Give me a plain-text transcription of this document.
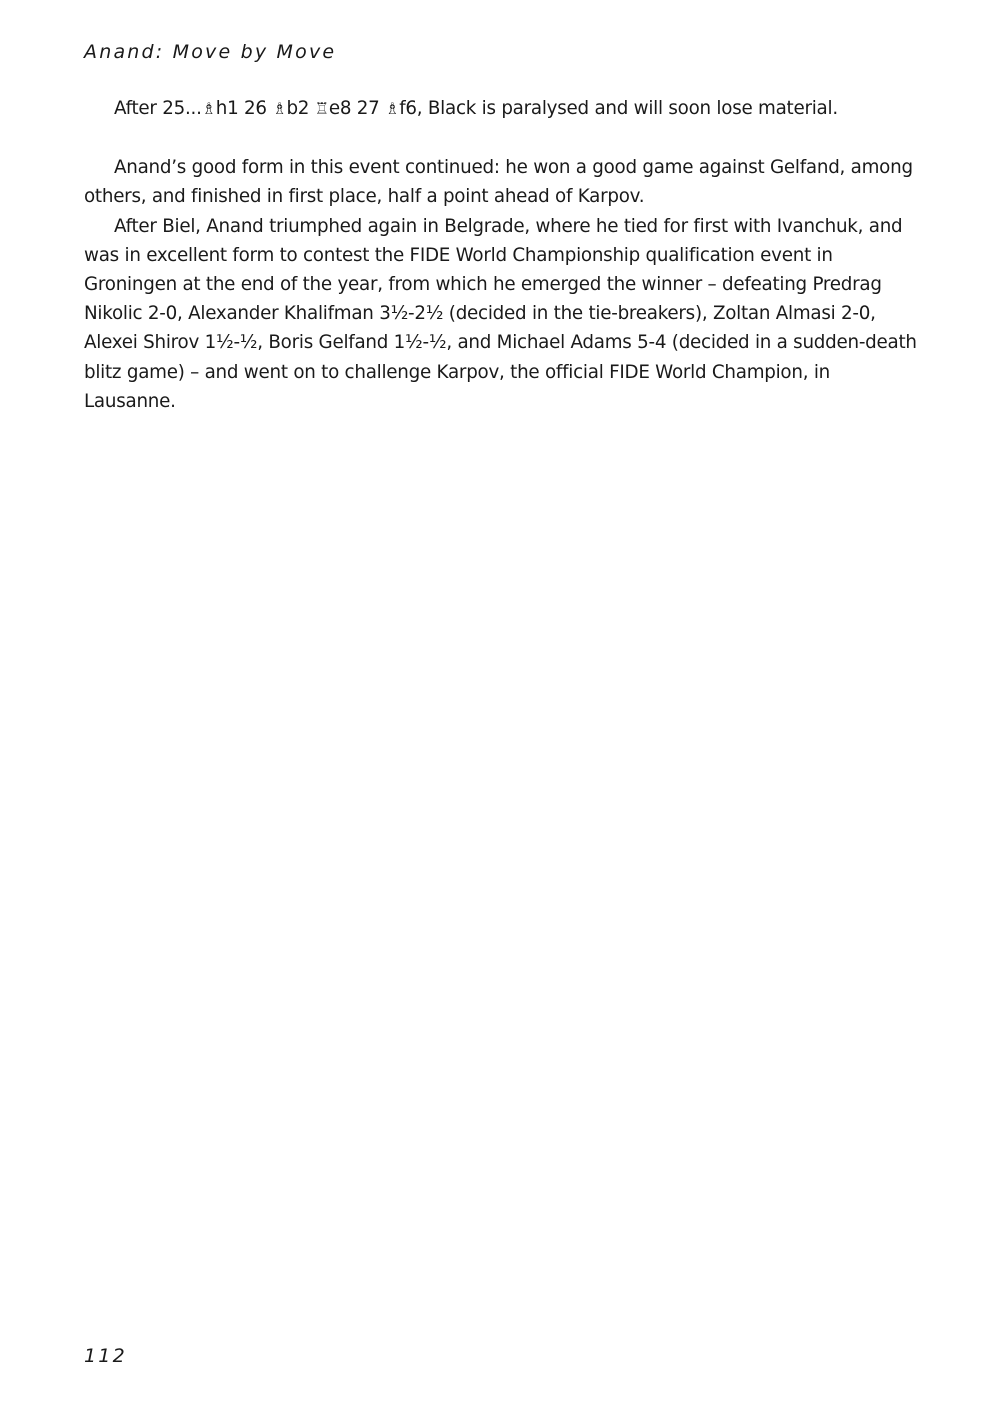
Anand: Move by Move

After 25...♗h1 26 ♗b2 ♖e8 27 ♗f6, Black is paralysed and will soon lose material.

Anand’s good form in this event continued: he won a good game against Gelfand, among others, and finished in first place, half a point ahead of Karpov.

After Biel, Anand triumphed again in Belgrade, where he tied for first with Ivanchuk, and was in excellent form to contest the FIDE World Championship qualification event in Groningen at the end of the year, from which he emerged the winner – defeating Predrag Nikolic 2-0, Alexander Khalifman 3½-2½ (decided in the tie-breakers), Zoltan Almasi 2-0, Alexei Shirov 1½-½, Boris Gelfand 1½-½, and Michael Adams 5-4 (decided in a sudden-death blitz game) – and went on to challenge Karpov, the official FIDE World Champion, in Lausanne.

112
